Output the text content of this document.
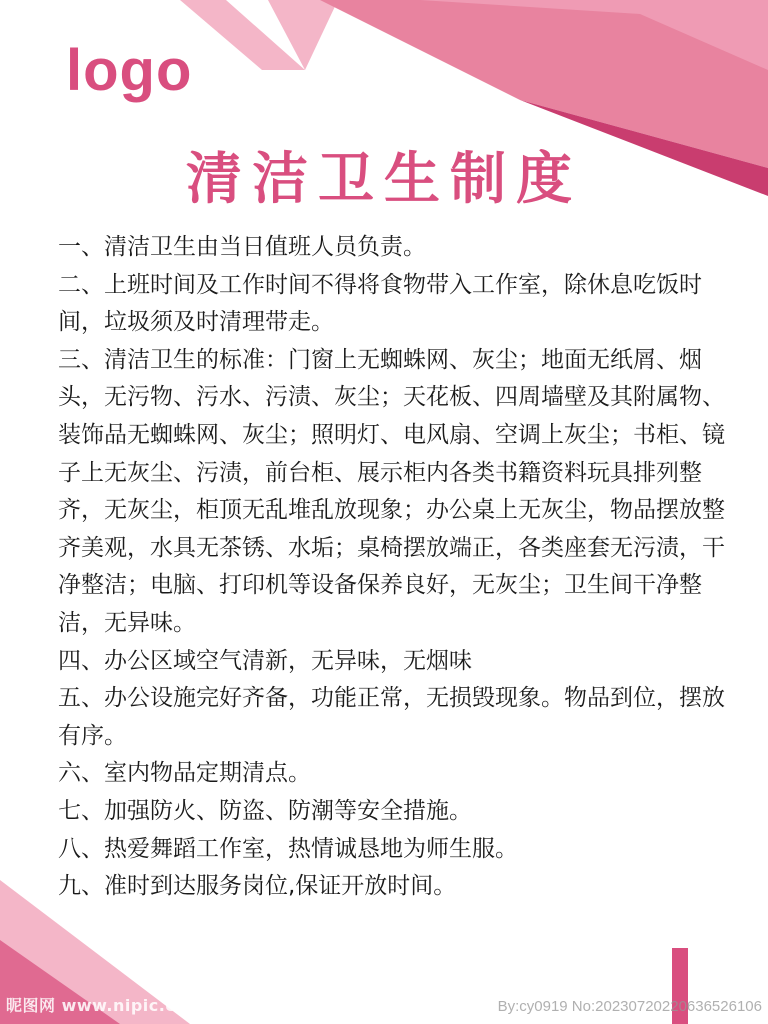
logo
清洁卫生制度
一、清洁卫生由当日值班人员负责。
二、上班时间及工作时间不得将食物带入工作室，除休息吃饭时间，垃圾须及时清理带走。
三、清洁卫生的标准：门窗上无蜘蛛网、灰尘；地面无纸屑、烟头，无污物、污水、污渍、灰尘；天花板、四周墙壁及其附属物、装饰品无蜘蛛网、灰尘；照明灯、电风扇、空调上灰尘；书柜、镜子上无灰尘、污渍，前台柜、展示柜内各类书籍资料玩具排列整齐，无灰尘，柜顶无乱堆乱放现象；办公桌上无灰尘，物品摆放整齐美观，水具无茶锈、水垢；桌椅摆放端正，各类座套无污渍，干净整洁；电脑、打印机等设备保养良好，无灰尘；卫生间干净整洁，无异味。
四、办公区域空气清新，无异味，无烟味
五、办公设施完好齐备，功能正常，无损毁现象。物品到位，摆放有序。
六、室内物品定期清点。
七、加强防火、防盗、防潮等安全措施。
八、热爱舞蹈工作室，热情诚恳地为师生服。
九、准时到达服务岗位,保证开放时间。
昵图网 www.nipic.com	By:cy0919 No:20230720220636526106
